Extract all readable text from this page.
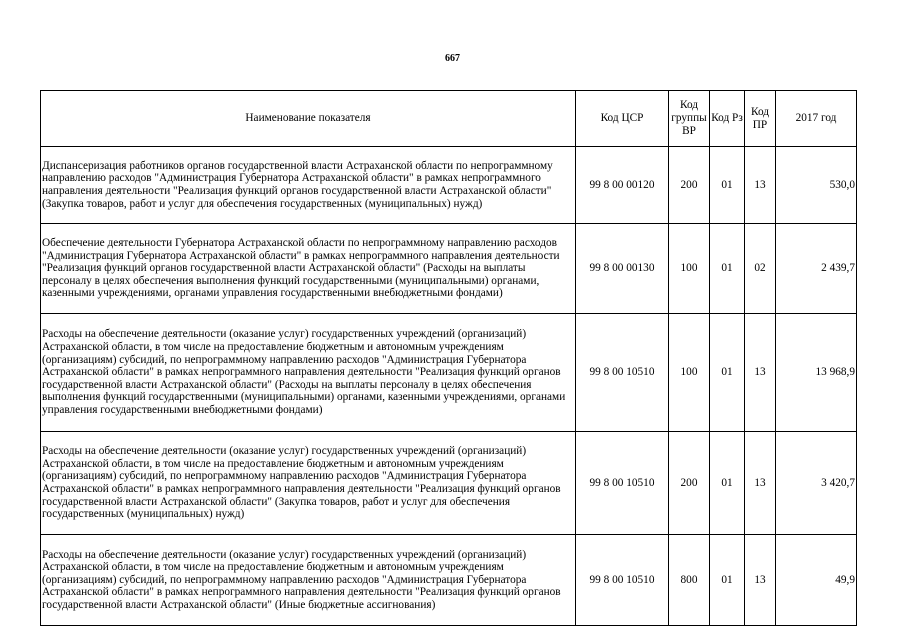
667
Наименование показателя	Код ЦСР	Код группы ВР	Код Рз	Код ПР	2017 год
Диспансеризация работников органов государственной власти Астраханской области по непрограммному направлению расходов "Администрация Губернатора Астраханской области" в рамках непрограммного направления деятельности "Реализация функций органов государственной власти Астраханской области" (Закупка товаров, работ и услуг для обеспечения государственных (муниципальных) нужд)	99 8 00 00120	200	01	13	530,0
Обеспечение деятельности Губернатора Астраханской области по непрограммному направлению расходов "Администрация Губернатора Астраханской области" в рамках непрограммного направления деятельности "Реализация функций органов государственной власти Астраханской области" (Расходы на выплаты персоналу в целях обеспечения выполнения функций государственными (муниципальными) органами, казенными учреждениями, органами управления государственными внебюджетными фондами)	99 8 00 00130	100	01	02	2 439,7
Расходы на обеспечение деятельности (оказание услуг) государственных учреждений (организаций) Астраханской области, в том числе на предоставление бюджетным и автономным учреждениям (организациям) субсидий, по непрограммному направлению расходов "Администрация Губернатора Астраханской области" в рамках непрограммного направления деятельности "Реализация функций органов государственной власти Астраханской области" (Расходы на выплаты персоналу в целях обеспечения выполнения функций государственными (муниципальными) органами, казенными учреждениями, органами управления государственными внебюджетными фондами)	99 8 00 10510	100	01	13	13 968,9
Расходы на обеспечение деятельности (оказание услуг) государственных учреждений (организаций) Астраханской области, в том числе на предоставление бюджетным и автономным учреждениям (организациям) субсидий, по непрограммному направлению расходов "Администрация Губернатора Астраханской области" в рамках непрограммного направления деятельности "Реализация функций органов государственной власти Астраханской области" (Закупка товаров, работ и услуг для обеспечения государственных (муниципальных) нужд)	99 8 00 10510	200	01	13	3 420,7
Расходы на обеспечение деятельности (оказание услуг) государственных учреждений (организаций) Астраханской области, в том числе на предоставление бюджетным и автономным учреждениям (организациям) субсидий, по непрограммному направлению расходов "Администрация Губернатора Астраханской области" в рамках непрограммного направления деятельности "Реализация функций органов государственной власти Астраханской области" (Иные бюджетные ассигнования)	99 8 00 10510	800	01	13	49,9
